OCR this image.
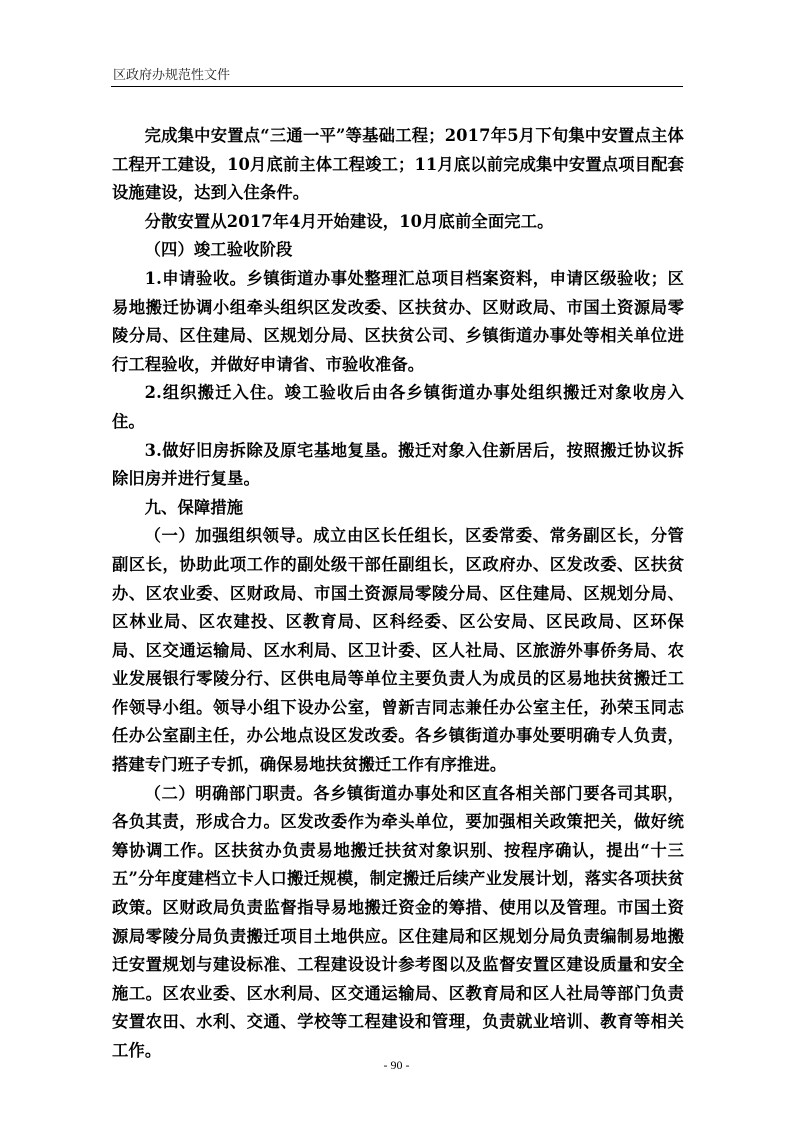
区政府办规范性文件

完成集中安置点“三通一平”等基础工程；2017年5月下旬集中安置点主体工程开工建设，10月底前主体工程竣工；11月底以前完成集中安置点项目配套设施建设，达到入住条件。

分散安置从2017年4月开始建设，10月底前全面完工。

（四）竣工验收阶段

1.申请验收。乡镇街道办事处整理汇总项目档案资料，申请区级验收；区易地搬迁协调小组牵头组织区发改委、区扶贫办、区财政局、市国土资源局零陵分局、区住建局、区规划分局、区扶贫公司、乡镇街道办事处等相关单位进行工程验收，并做好申请省、市验收准备。

2.组织搬迁入住。竣工验收后由各乡镇街道办事处组织搬迁对象收房入住。

3.做好旧房拆除及原宅基地复垦。搬迁对象入住新居后，按照搬迁协议拆除旧房并进行复垦。

九、保障措施

（一）加强组织领导。成立由区长任组长，区委常委、常务副区长，分管副区长，协助此项工作的副处级干部任副组长，区政府办、区发改委、区扶贫办、区农业委、区财政局、市国土资源局零陵分局、区住建局、区规划分局、区林业局、区农建投、区教育局、区科经委、区公安局、区民政局、区环保局、区交通运输局、区水利局、区卫计委、区人社局、区旅游外事侨务局、农业发展银行零陵分行、区供电局等单位主要负责人为成员的区易地扶贫搬迁工作领导小组。领导小组下设办公室，曾新吉同志兼任办公室主任，孙荣玉同志任办公室副主任，办公地点设区发改委。各乡镇街道办事处要明确专人负责，搭建专门班子专抓，确保易地扶贫搬迁工作有序推进。

（二）明确部门职责。各乡镇街道办事处和区直各相关部门要各司其职，各负其责，形成合力。区发改委作为牵头单位，要加强相关政策把关，做好统筹协调工作。区扶贫办负责易地搬迁扶贫对象识别、按程序确认，提出“十三五”分年度建档立卡人口搬迁规模，制定搬迁后续产业发展计划，落实各项扶贫政策。区财政局负责监督指导易地搬迁资金的筹措、使用以及管理。市国土资源局零陵分局负责搬迁项目土地供应。区住建局和区规划分局负责编制易地搬迁安置规划与建设标准、工程建设设计参考图以及监督安置区建设质量和安全施工。区农业委、区水利局、区交通运输局、区教育局和区人社局等部门负责安置农田、水利、交通、学校等工程建设和管理，负责就业培训、教育等相关工作。

- 90 -
